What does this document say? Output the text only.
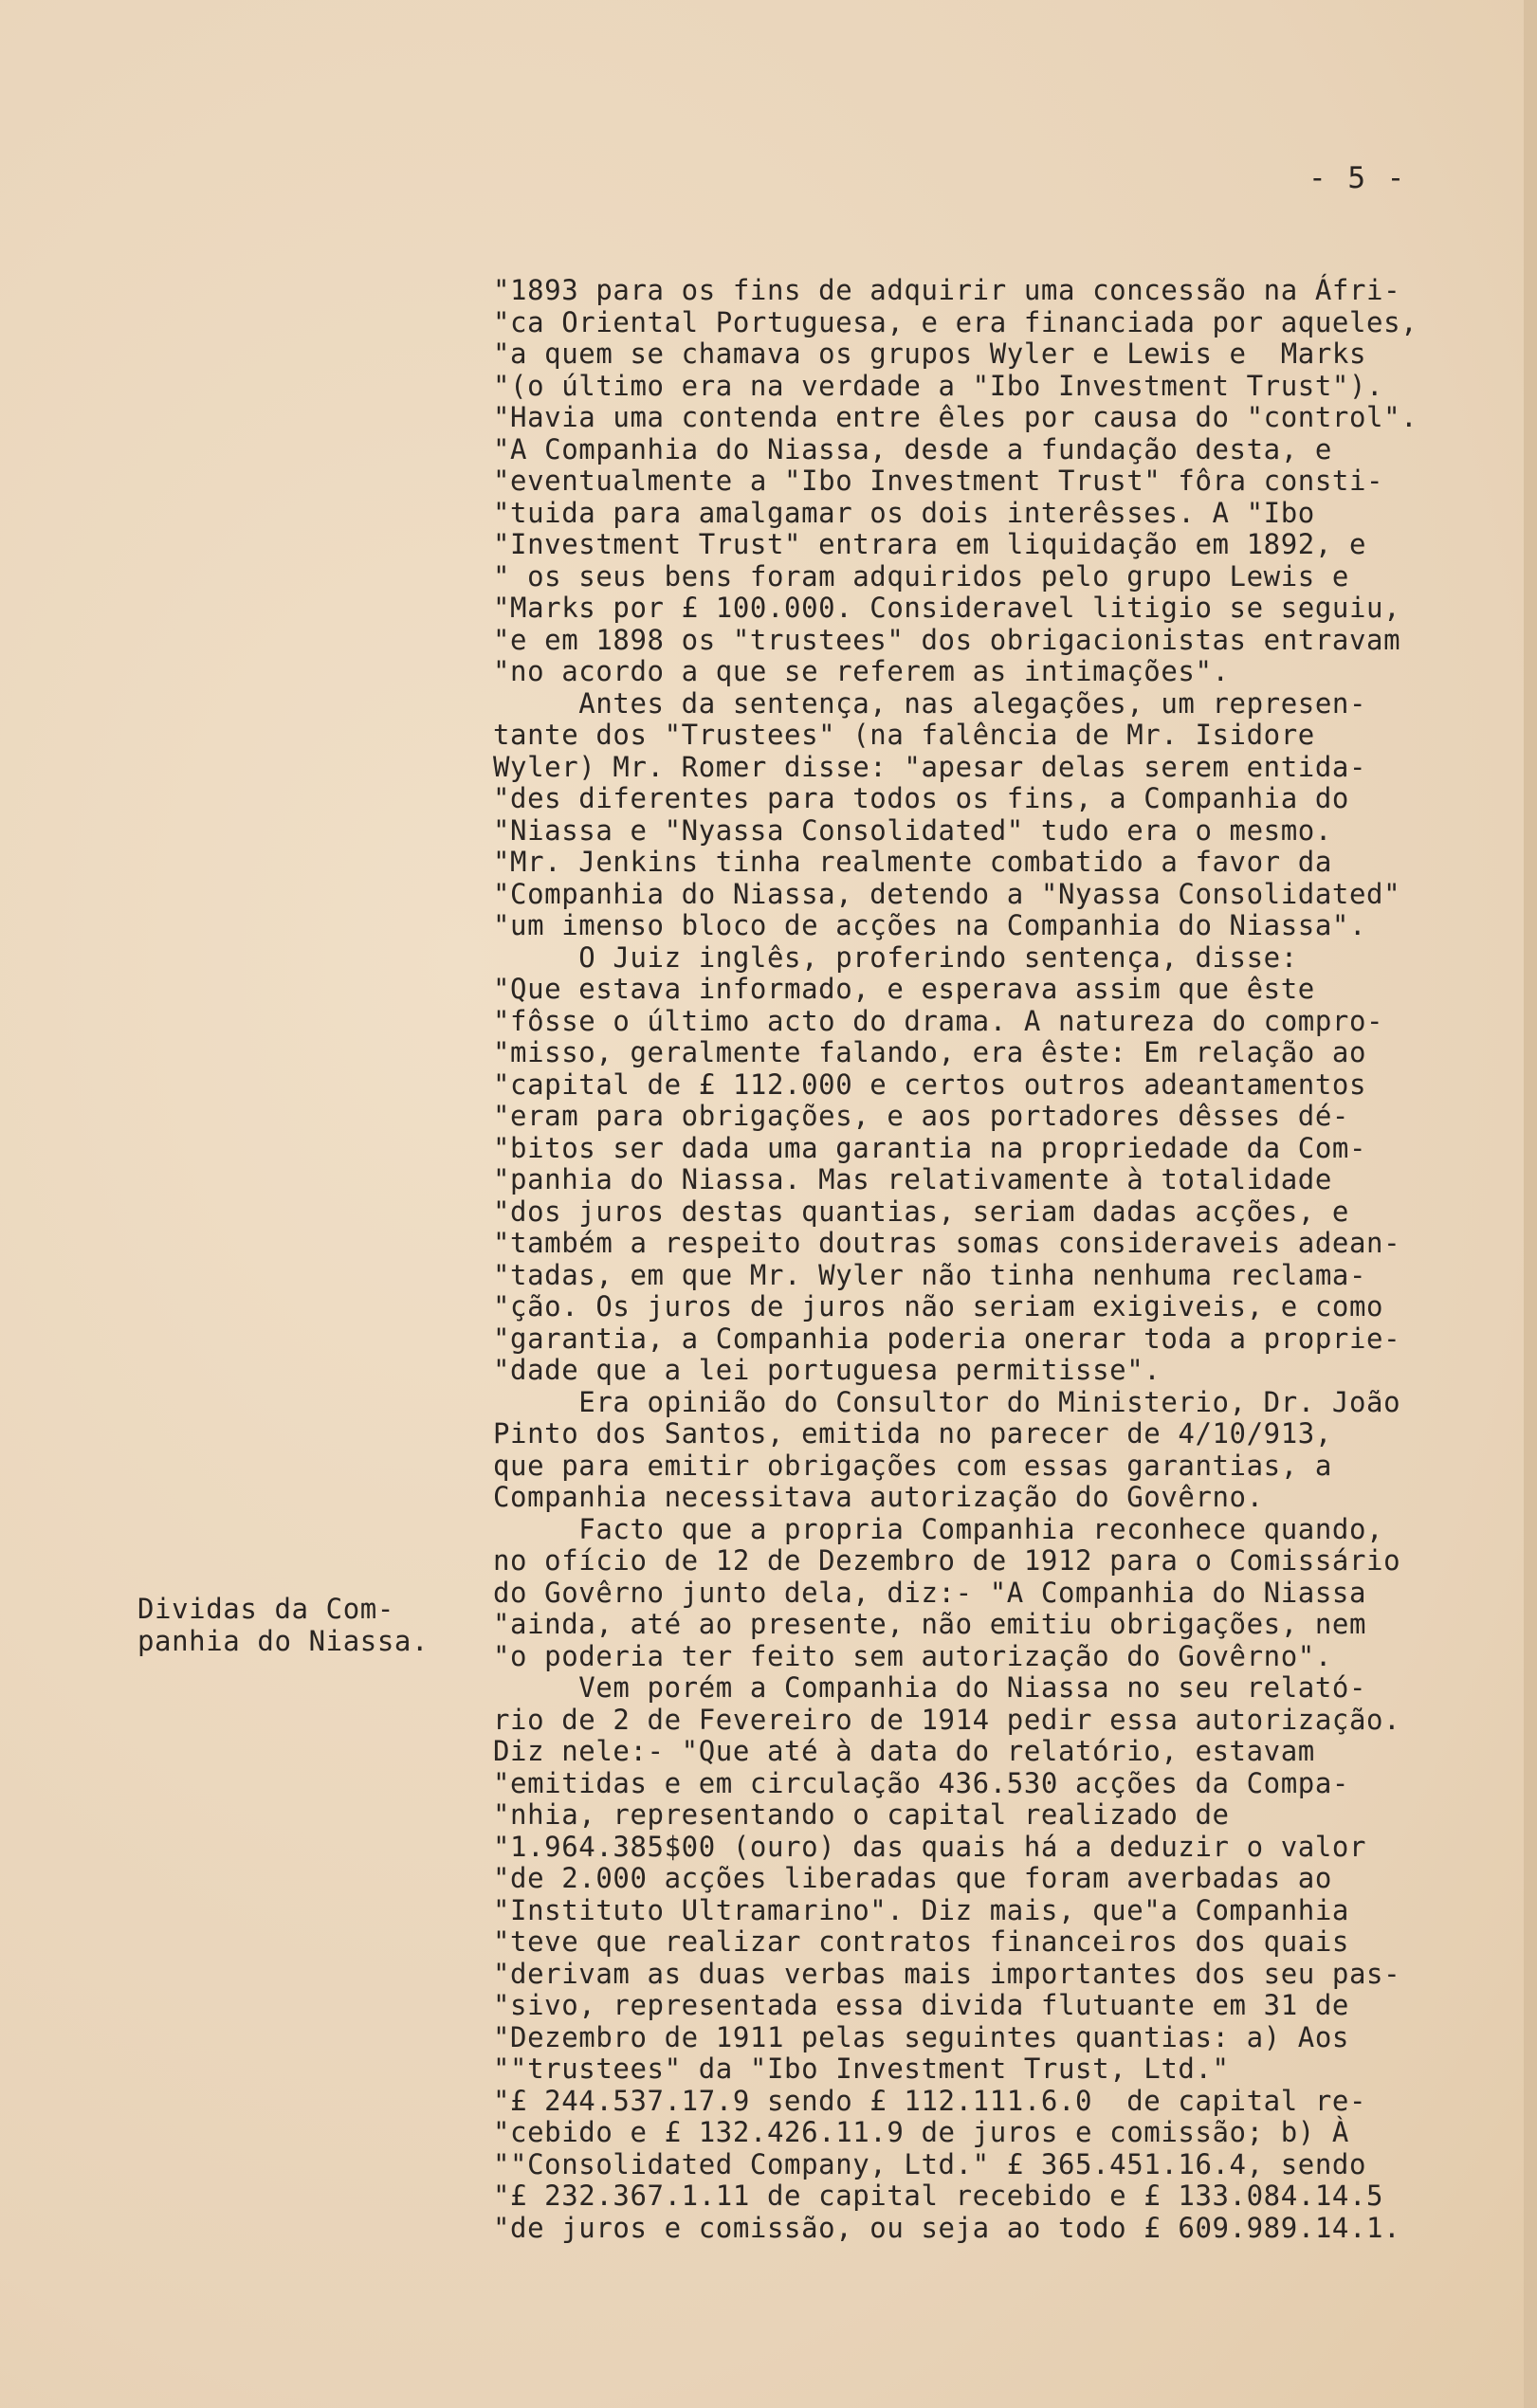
- 5 -
Dividas da Com-
panhia do Niassa.
"1893 para os fins de adquirir uma concessão na Áfri-
"ca Oriental Portuguesa, e era financiada por aqueles,
"a quem se chamava os grupos Wyler e Lewis e  Marks
"(o último era na verdade a "Ibo Investment Trust").
"Havia uma contenda entre êles por causa do "control".
"A Companhia do Niassa, desde a fundação desta, e
"eventualmente a "Ibo Investment Trust" fôra consti-
"tuida para amalgamar os dois interêsses. A "Ibo
"Investment Trust" entrara em liquidação em 1892, e
" os seus bens foram adquiridos pelo grupo Lewis e
"Marks por £ 100.000. Consideravel litigio se seguiu,
"e em 1898 os "trustees" dos obrigacionistas entravam
"no acordo a que se referem as intimações".
Antes da sentença, nas alegações, um represen-
tante dos "Trustees" (na falência de Mr. Isidore
Wyler) Mr. Romer disse: "apesar delas serem entida-
"des diferentes para todos os fins, a Companhia do
"Niassa e "Nyassa Consolidated" tudo era o mesmo.
"Mr. Jenkins tinha realmente combatido a favor da
"Companhia do Niassa, detendo a "Nyassa Consolidated"
"um imenso bloco de acções na Companhia do Niassa".
O Juiz inglês, proferindo sentença, disse:
"Que estava informado, e esperava assim que êste
"fôsse o último acto do drama. A natureza do compro-
"misso, geralmente falando, era êste: Em relação ao
"capital de £ 112.000 e certos outros adeantamentos
"eram para obrigações, e aos portadores dêsses dé-
"bitos ser dada uma garantia na propriedade da Com-
"panhia do Niassa. Mas relativamente à totalidade
"dos juros destas quantias, seriam dadas acções, e
"também a respeito doutras somas consideraveis adean-
"tadas, em que Mr. Wyler não tinha nenhuma reclama-
"ção. Os juros de juros não seriam exigiveis, e como
"garantia, a Companhia poderia onerar toda a proprie-
"dade que a lei portuguesa permitisse".
Era opinião do Consultor do Ministerio, Dr. João
Pinto dos Santos, emitida no parecer de 4/10/913,
que para emitir obrigações com essas garantias, a
Companhia necessitava autorização do Govêrno.
Facto que a propria Companhia reconhece quando,
no ofício de 12 de Dezembro de 1912 para o Comissário
do Govêrno junto dela, diz:- "A Companhia do Niassa
"ainda, até ao presente, não emitiu obrigações, nem
"o poderia ter feito sem autorização do Govêrno".
Vem porém a Companhia do Niassa no seu relató-
rio de 2 de Fevereiro de 1914 pedir essa autorização.
Diz nele:- "Que até à data do relatório, estavam
"emitidas e em circulação 436.530 acções da Compa-
"nhia, representando o capital realizado de
"1.964.385$00 (ouro) das quais há a deduzir o valor
"de 2.000 acções liberadas que foram averbadas ao
"Instituto Ultramarino". Diz mais, que"a Companhia
"teve que realizar contratos financeiros dos quais
"derivam as duas verbas mais importantes dos seu pas-
"sivo, representada essa divida flutuante em 31 de
"Dezembro de 1911 pelas seguintes quantias: a) Aos
""trustees" da "Ibo Investment Trust, Ltd."
"£ 244.537.17.9 sendo £ 112.111.6.0  de capital re-
"cebido e £ 132.426.11.9 de juros e comissão; b) À
""Consolidated Company, Ltd." £ 365.451.16.4, sendo
"£ 232.367.1.11 de capital recebido e £ 133.084.14.5
"de juros e comissão, ou seja ao todo £ 609.989.14.1.
